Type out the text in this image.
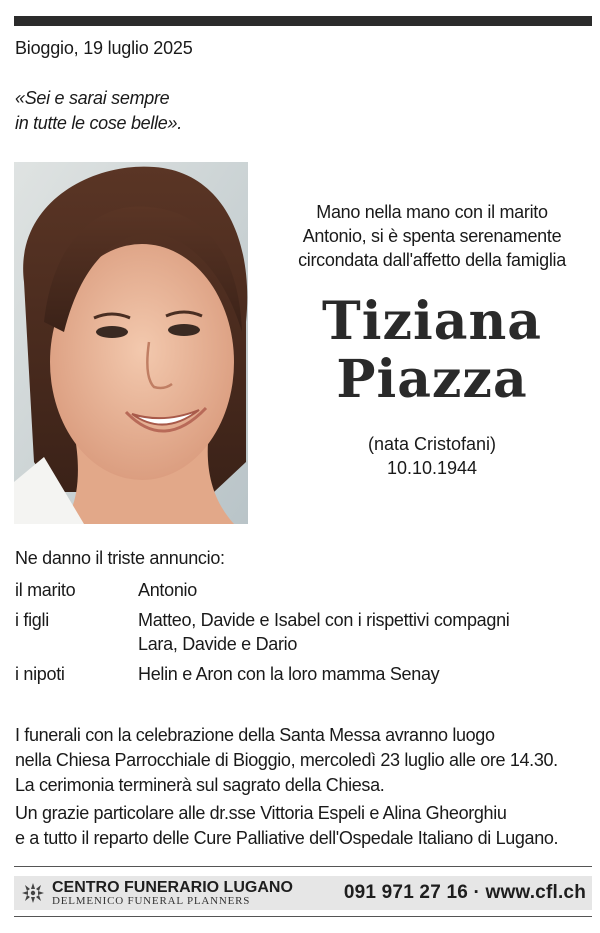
Bioggio, 19 luglio 2025
«Sei e sarai sempre
in tutte le cose belle».
Mano nella mano con il marito
Antonio, si è spenta serenamente
circondata dall'affetto della famiglia
Tiziana
Piazza
(nata Cristofani)
10.10.1944
Ne danno il triste annuncio:
il marito	Antonio
i figli	Matteo, Davide e Isabel con i rispettivi compagni
Lara, Davide e Dario
i nipoti	Helin e Aron con la loro mamma Senay
I funerali con la celebrazione della Santa Messa avranno luogo
nella Chiesa Parrocchiale di Bioggio, mercoledì 23 luglio alle ore 14.30.
La cerimonia terminerà sul sagrato della Chiesa.
Un grazie particolare alle dr.sse Vittoria Espeli e Alina Gheorghiu
e a tutto il reparto delle Cure Palliative dell'Ospedale Italiano di Lugano.
CENTRO FUNERARIO LUGANO
DELMENICO FUNERAL PLANNERS	091 971 27 16 · www.cfl.ch
